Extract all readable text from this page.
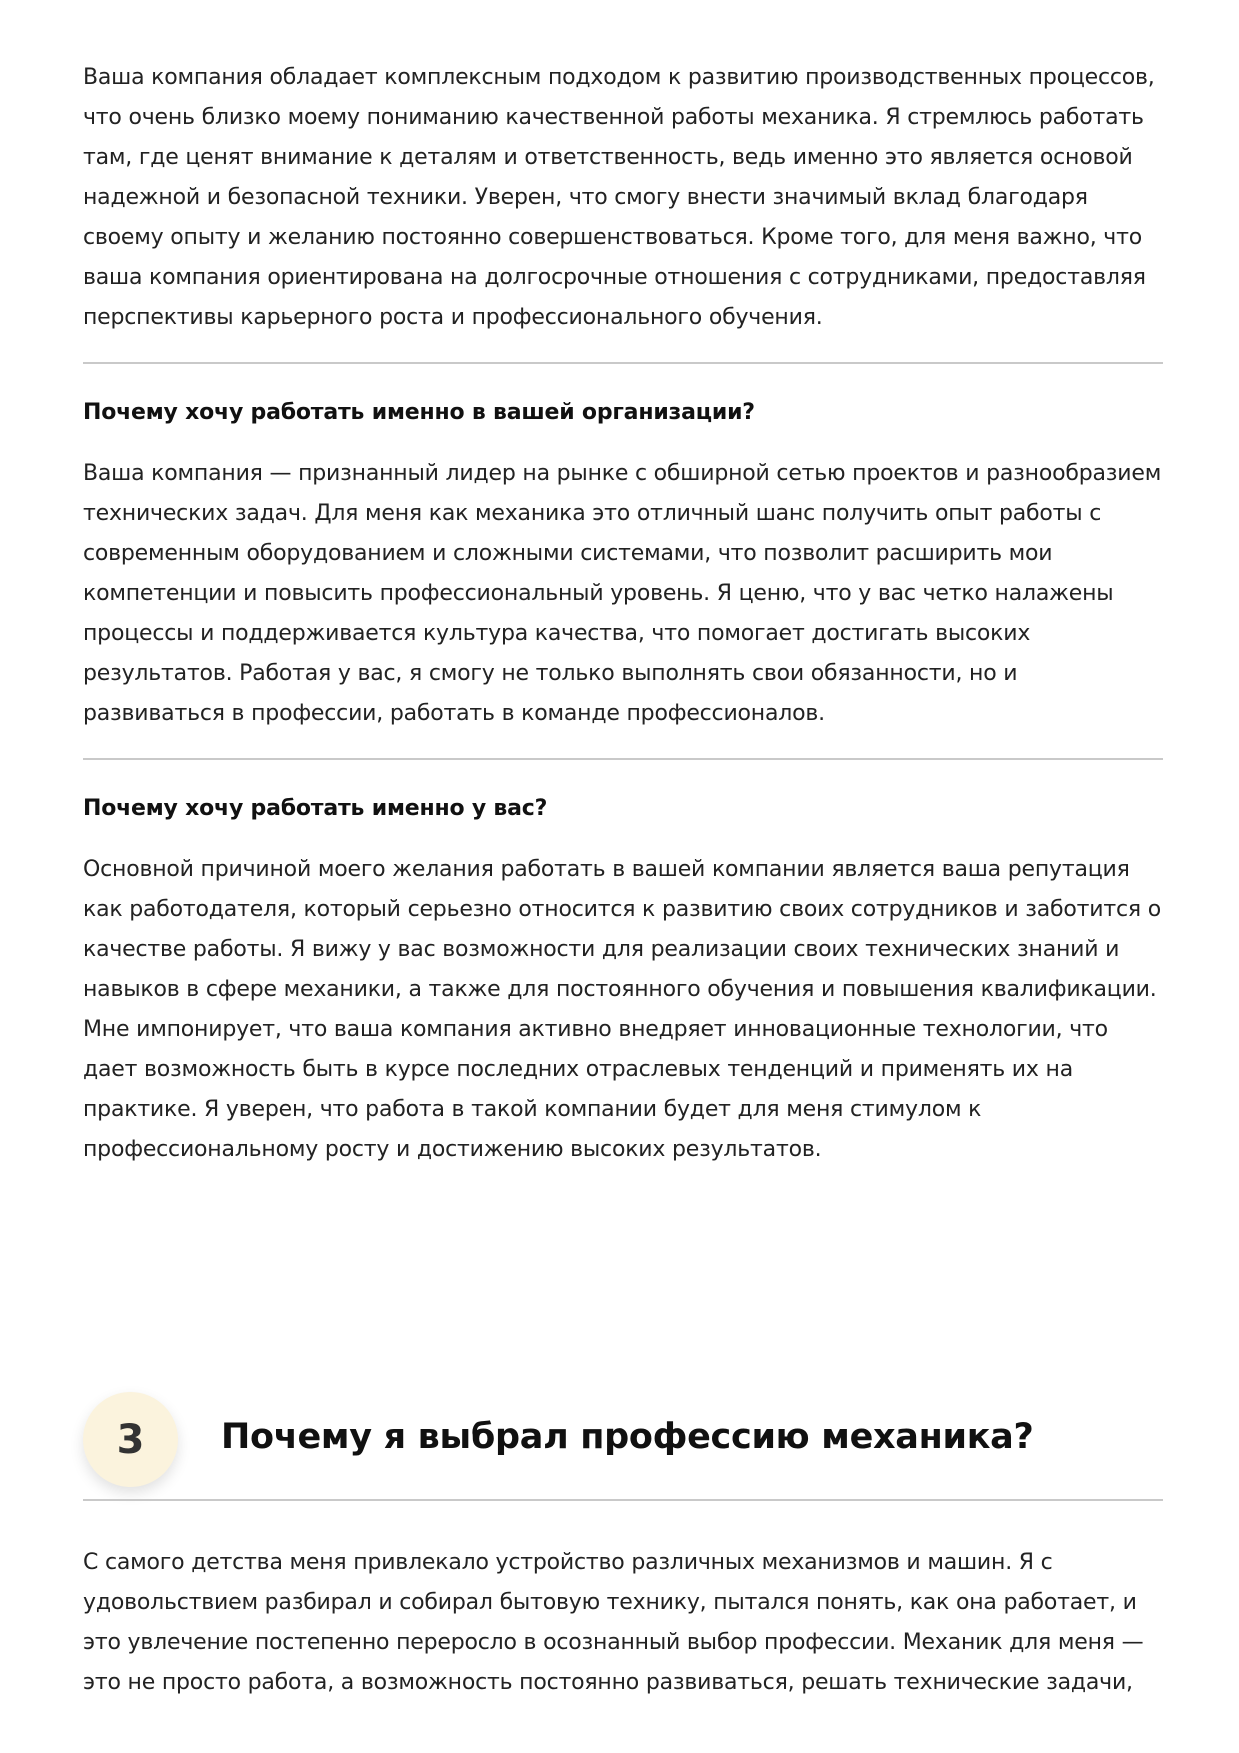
Ваша компания обладает комплексным подходом к развитию производственных процессов, что очень близко моему пониманию качественной работы механика. Я стремлюсь работать там, где ценят внимание к деталям и ответственность, ведь именно это является основой надежной и безопасной техники. Уверен, что смогу внести значимый вклад благодаря своему опыту и желанию постоянно совершенствоваться. Кроме того, для меня важно, что ваша компания ориентирована на долгосрочные отношения с сотрудниками, предоставляя перспективы карьерного роста и профессионального обучения.

Почему хочу работать именно в вашей организации?

Ваша компания — признанный лидер на рынке с обширной сетью проектов и разнообразием технических задач. Для меня как механика это отличный шанс получить опыт работы с современным оборудованием и сложными системами, что позволит расширить мои компетенции и повысить профессиональный уровень. Я ценю, что у вас четко налажены процессы и поддерживается культура качества, что помогает достигать высоких результатов. Работая у вас, я смогу не только выполнять свои обязанности, но и развиваться в профессии, работать в команде профессионалов.

Почему хочу работать именно у вас?

Основной причиной моего желания работать в вашей компании является ваша репутация как работодателя, который серьезно относится к развитию своих сотрудников и заботится о качестве работы. Я вижу у вас возможности для реализации своих технических знаний и навыков в сфере механики, а также для постоянного обучения и повышения квалификации. Мне импонирует, что ваша компания активно внедряет инновационные технологии, что дает возможность быть в курсе последних отраслевых тенденций и применять их на практике. Я уверен, что работа в такой компании будет для меня стимулом к профессиональному росту и достижению высоких результатов.

3	Почему я выбрал профессию механика?

С самого детства меня привлекало устройство различных механизмов и машин. Я с удовольствием разбирал и собирал бытовую технику, пытался понять, как она работает, и это увлечение постепенно переросло в осознанный выбор профессии. Механик для меня — это не просто работа, а возможность постоянно развиваться, решать технические задачи,
